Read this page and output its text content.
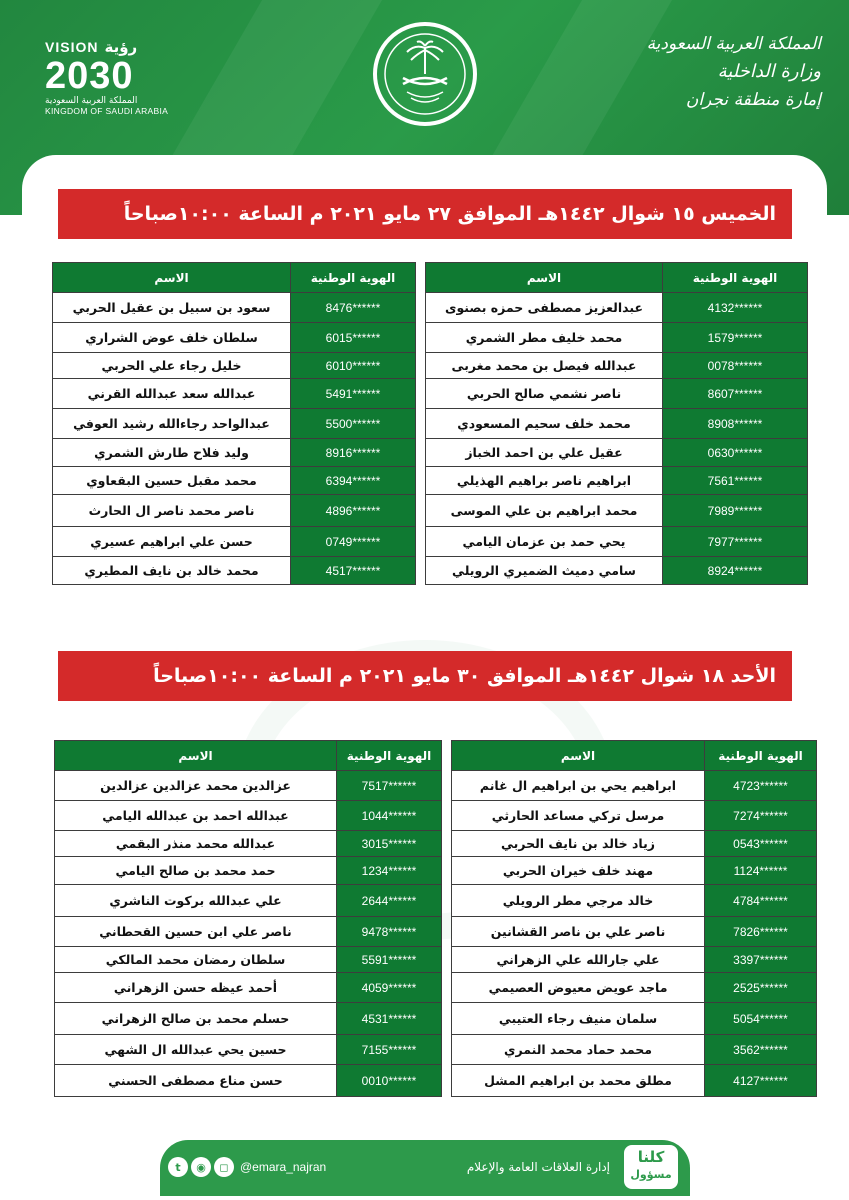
VISION رؤية
2030
المملكة العربية السعودية
KINGDOM OF SAUDI ARABIA
المملكة العربية السعودية
وزارة الداخلية
إمارة منطقة نجران
الخميس ١٥ شوال ١٤٤٢هـ الموافق ٢٧ مايو ٢٠٢١ م الساعة ١٠:٠٠صباحاً
الهوية الوطنية	الاسم		الهوية الوطنية	الاسم
4132******	عبدالعزيز مصطفى حمزه بصنوى		8476******	سعود بن سبيل بن عقيل الحربي
1579******	محمد خليف مطر الشمري		6015******	سلطان خلف عوض الشراري
0078******	عبدالله فيصل بن محمد مغربى		6010******	خليل رجاء علي الحربي
8607******	ناصر نشمي صالح الحربي		5491******	عبدالله سعد عبدالله القرني
8908******	محمد خلف سحيم المسعودي		5500******	عبدالواحد رجاءالله رشيد العوفي
0630******	عقيل علي بن احمد الخباز		8916******	وليد فلاح طارش الشمري
7561******	ابراهيم ناصر براهيم الهذيلي		6394******	محمد مقبل حسين البقعاوي
7989******	محمد ابراهيم بن علي الموسى		4896******	ناصر محمد ناصر ال الحارث
7977******	يحي حمد بن عزمان اليامي		0749******	حسن علي ابراهيم عسيري
8924******	سامي دميث الضميري الرويلي		4517******	محمد خالد بن نايف المطيري
الأحد ١٨ شوال ١٤٤٢هـ الموافق ٣٠ مايو ٢٠٢١ م الساعة ١٠:٠٠صباحاً
الهوية الوطنية	الاسم		الهوية الوطنية	الاسم
4723******	ابراهيم يحي بن ابراهيم ال غانم		7517******	عزالدين محمد عزالدين عزالدين
7274******	مرسل تركي مساعد الحارثي		1044******	عبدالله احمد بن عبدالله اليامي
0543******	زياد خالد بن نايف الحربي		3015******	عبدالله محمد منذر البقمي
1124******	مهند خلف خيران الحربي		1234******	حمد محمد بن صالح اليامي
4784******	خالد مرجي مطر الرويلي		2644******	علي عبدالله بركوت الناشري
7826******	ناصر علي بن ناصر القشانين		9478******	ناصر علي ابن حسين القحطاني
3397******	علي جارالله علي الزهراني		5591******	سلطان رمضان محمد المالكي
2525******	ماجد عويض معيوض العصيمي		4059******	أحمد عيظه حسن الزهراني
5054******	سلمان منيف رجاء العتيبي		4531******	حسلم محمد بن صالح الزهراني
3562******	محمد حماد محمد النمري		7155******	حسين يحي عبدالله ال الشهي
4127******	مطلق محمد بن ابراهيم المشل		0010******	حسن مناع مصطفى الحسني
t	◉	◻ @emara_najran	إدارة العلاقات العامة والإعلام
كلنا
مسؤول
